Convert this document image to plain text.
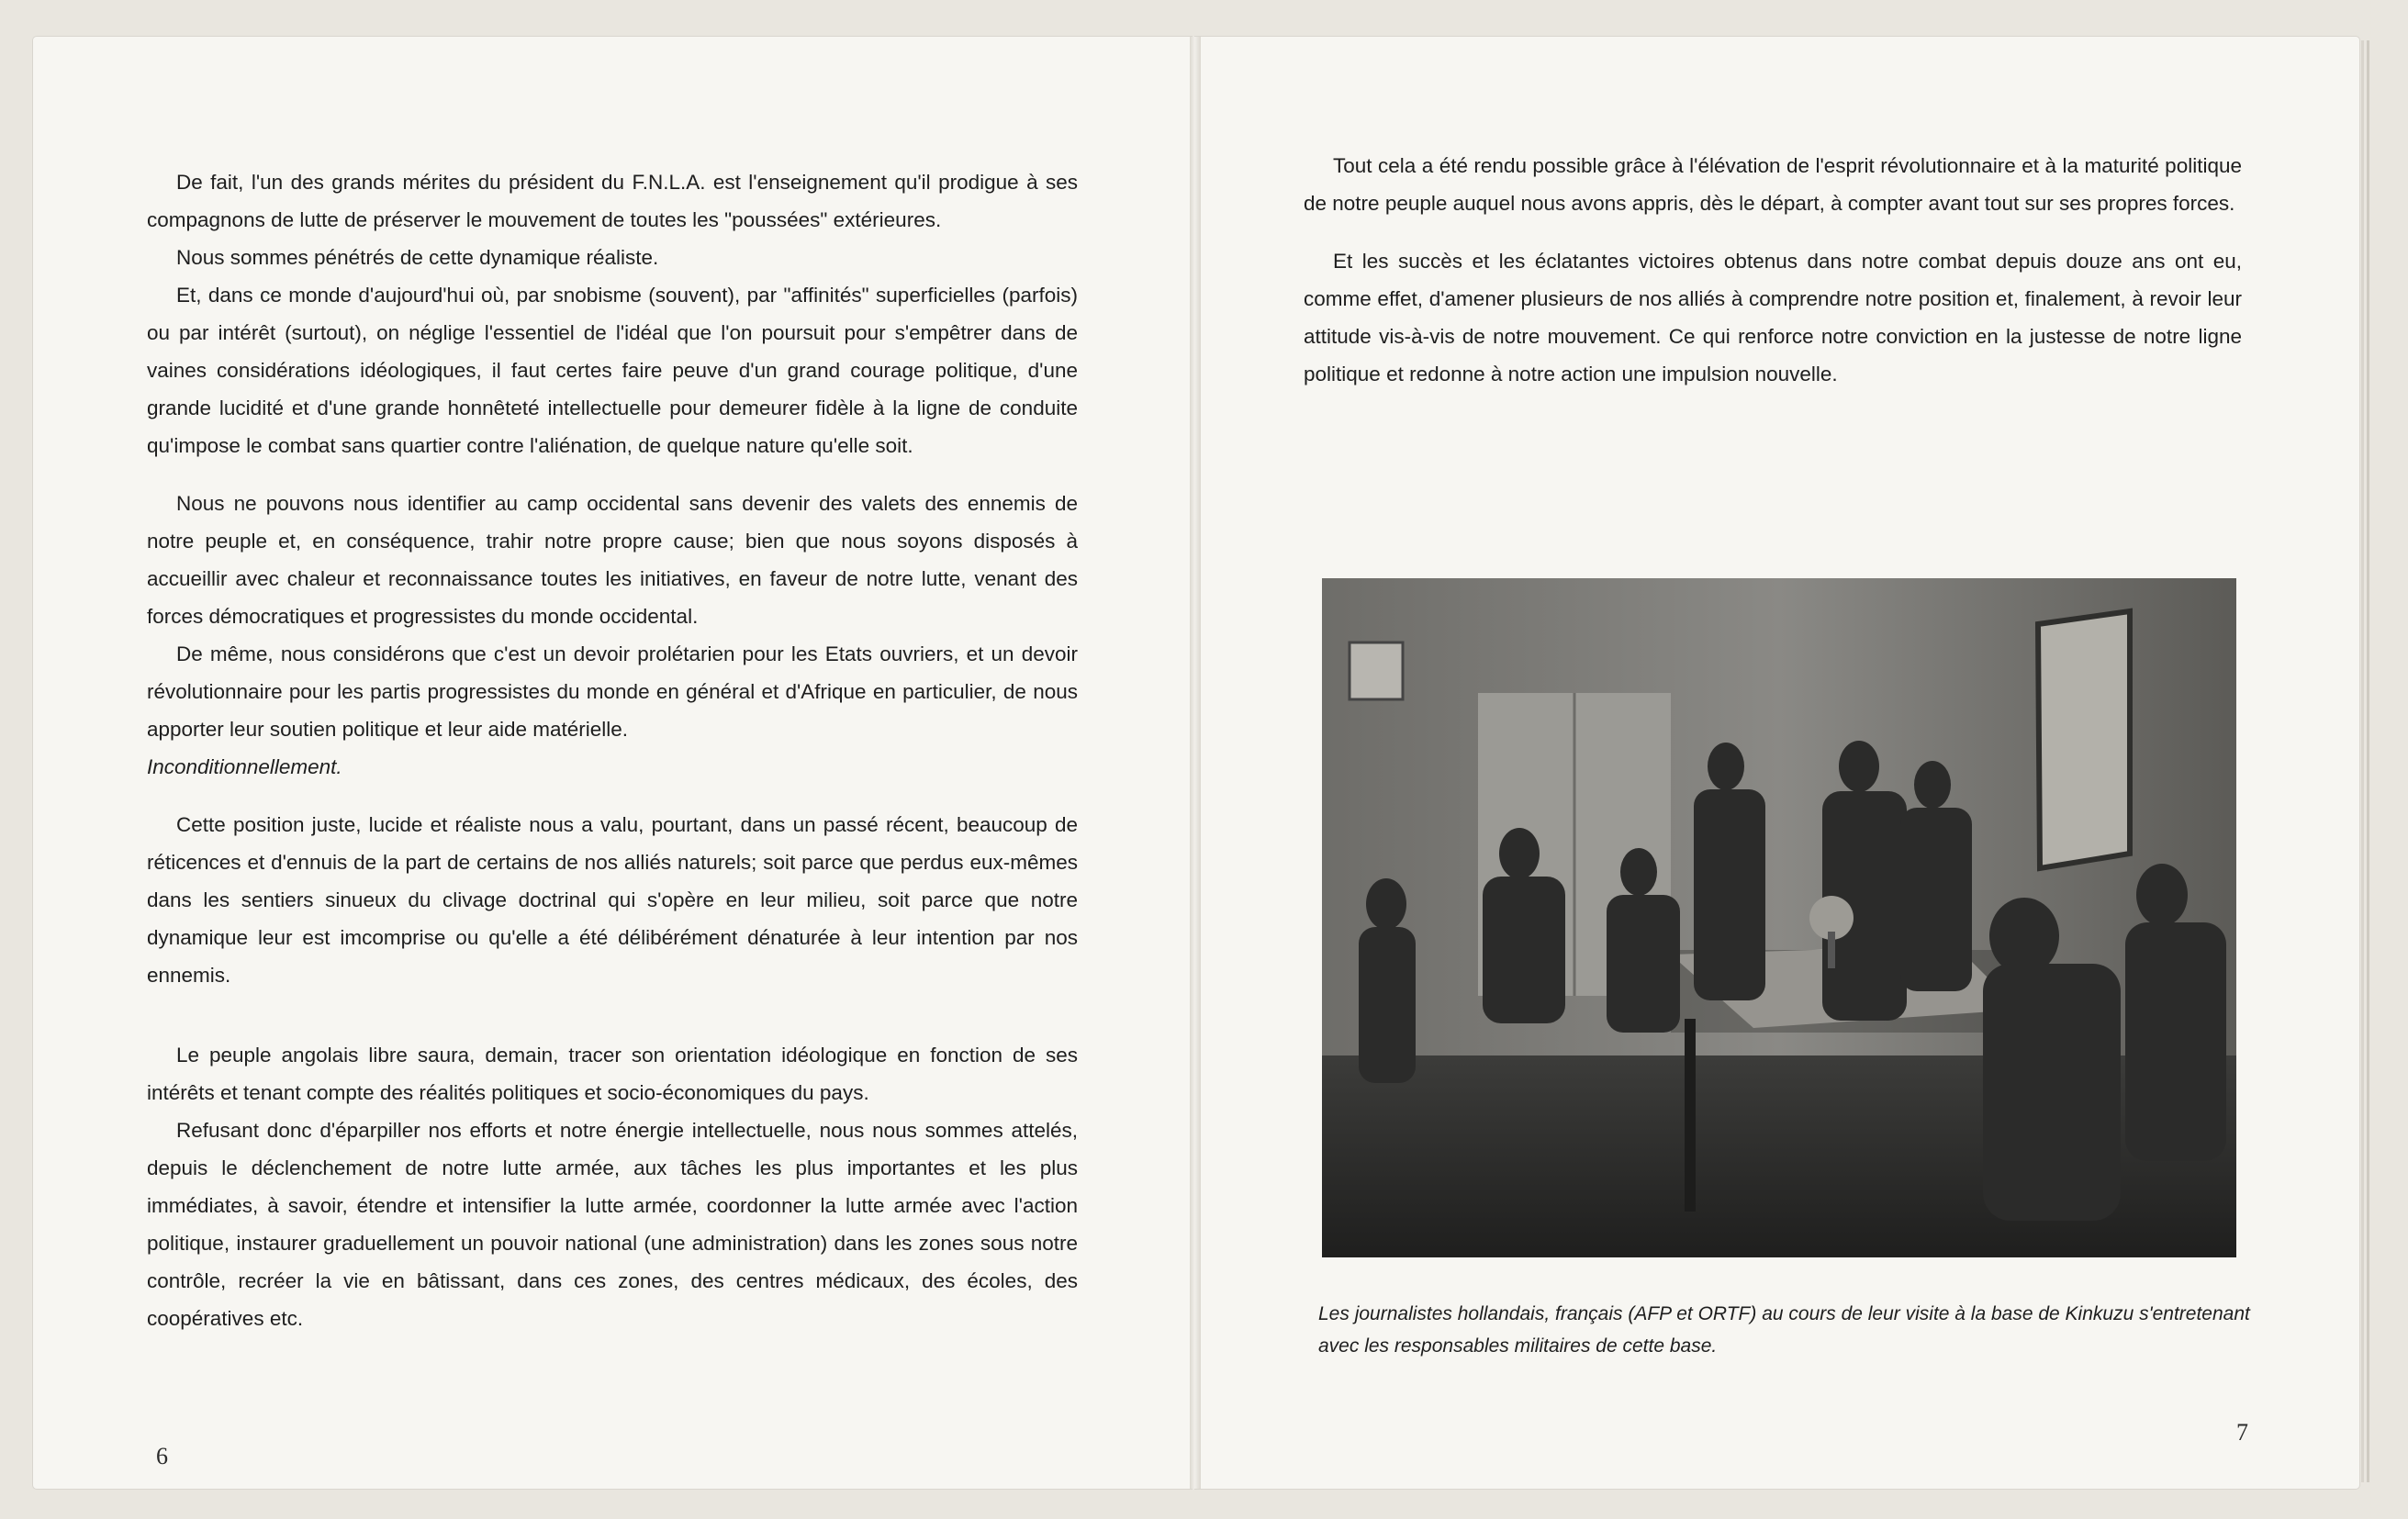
De fait, l'un des grands mérites du président du F.N.L.A. est l'enseignement qu'il prodigue à ses compagnons de lutte de préserver le mouvement de toutes les "poussées" extérieures.

Nous sommes pénétrés de cette dynamique réaliste.

Et, dans ce monde d'aujourd'hui où, par snobisme (souvent), par "affinités" superficielles (parfois) ou par intérêt (surtout), on néglige l'essentiel de l'idéal que l'on poursuit pour s'empêtrer dans de vaines considérations idéologiques, il faut certes faire peuve d'un grand courage politique, d'une grande lucidité et d'une grande honnêteté intellectuelle pour demeurer fidèle à la ligne de conduite qu'impose le combat sans quartier contre l'aliénation, de quelque nature qu'elle soit.

Nous ne pouvons nous identifier au camp occidental sans devenir des valets des ennemis de notre peuple et, en conséquence, trahir notre propre cause; bien que nous soyons disposés à accueillir avec chaleur et reconnaissance toutes les initiatives, en faveur de notre lutte, venant des forces démocratiques et progressistes du monde occidental.

De même, nous considérons que c'est un devoir prolétarien pour les Etats ouvriers, et un devoir révolutionnaire pour les partis progressistes du monde en général et d'Afrique en particulier, de nous apporter leur soutien politique et leur aide matérielle.

Inconditionnellement.

Cette position juste, lucide et réaliste nous a valu, pourtant, dans un passé récent, beaucoup de réticences et d'ennuis de la part de certains de nos alliés naturels; soit parce que perdus eux-mêmes dans les sentiers sinueux du clivage doctrinal qui s'opère en leur milieu, soit parce que notre dynamique leur est imcomprise ou qu'elle a été délibérément dénaturée à leur intention par nos ennemis.

Le peuple angolais libre saura, demain, tracer son orientation idéologique en fonction de ses intérêts et tenant compte des réalités politiques et socio-économiques du pays.

Refusant donc d'éparpiller nos efforts et notre énergie intellectuelle, nous nous sommes attelés, depuis le déclenchement de notre lutte armée, aux tâches les plus importantes et les plus immédiates, à savoir, étendre et intensifier la lutte armée, coordonner la lutte armée avec l'action politique, instaurer graduellement un pouvoir national (une administration) dans les zones sous notre contrôle, recréer la vie en bâtissant, dans ces zones, des centres médicaux, des écoles, des coopératives etc.

6

Tout cela a été rendu possible grâce à l'élévation de l'esprit révolutionnaire et à la maturité politique de notre peuple auquel nous avons appris, dès le départ, à compter avant tout sur ses propres forces.

Et les succès et les éclatantes victoires obtenus dans notre combat depuis douze ans ont eu, comme effet, d'amener plusieurs de nos alliés à comprendre notre position et, finalement, à revoir leur attitude vis-à-vis de notre mouvement. Ce qui renforce notre conviction en la justesse de notre ligne politique et redonne à notre action une impulsion nouvelle.

Les journalistes hollandais, français (AFP et ORTF) au cours de leur visite à la base de Kinkuzu s'entretenant avec les responsables militaires de cette base.
7
